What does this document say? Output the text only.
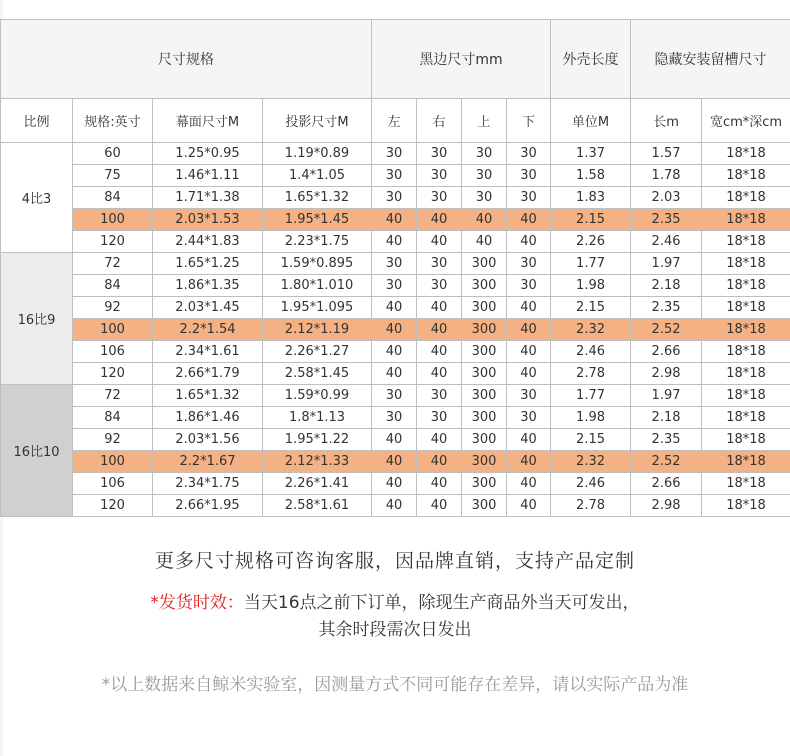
尺寸规格				黑边尺寸mm				外壳长度	隐藏安装留槽尺寸	
比例	规格:英寸	幕面尺寸M	投影尺寸M	左	右	上	下	单位M	长m	宽cm*深cm
4比3	60	1.25*0.95	1.19*0.89	30	30	30	30	1.37	1.57	18*18
	75	1.46*1.11	1.4*1.05	30	30	30	30	1.58	1.78	18*18
	84	1.71*1.38	1.65*1.32	30	30	30	30	1.83	2.03	18*18
	100	2.03*1.53	1.95*1.45	40	40	40	40	2.15	2.35	18*18
	120	2.44*1.83	2.23*1.75	40	40	40	40	2.26	2.46	18*18
16比9	72	1.65*1.25	1.59*0.895	30	30	300	30	1.77	1.97	18*18
	84	1.86*1.35	1.80*1.010	30	30	300	30	1.98	2.18	18*18
	92	2.03*1.45	1.95*1.095	40	40	300	40	2.15	2.35	18*18
	100	2.2*1.54	2.12*1.19	40	40	300	40	2.32	2.52	18*18
	106	2.34*1.61	2.26*1.27	40	40	300	40	2.46	2.66	18*18
	120	2.66*1.79	2.58*1.45	40	40	300	40	2.78	2.98	18*18
16比10	72	1.65*1.32	1.59*0.99	30	30	300	30	1.77	1.97	18*18
	84	1.86*1.46	1.8*1.13	30	30	300	30	1.98	2.18	18*18
	92	2.03*1.56	1.95*1.22	40	40	300	40	2.15	2.35	18*18
	100	2.2*1.67	2.12*1.33	40	40	300	40	2.32	2.52	18*18
	106	2.34*1.75	2.26*1.41	40	40	300	40	2.46	2.66	18*18
	120	2.66*1.95	2.58*1.61	40	40	300	40	2.78	2.98	18*18
更多尺寸规格可咨询客服，因品牌直销，支持产品定制
*发货时效：当天16点之前下订单，除现生产商品外当天可发出，
其余时段需次日发出
*以上数据来自鲸米实验室，因测量方式不同可能存在差异，请以实际产品为准
